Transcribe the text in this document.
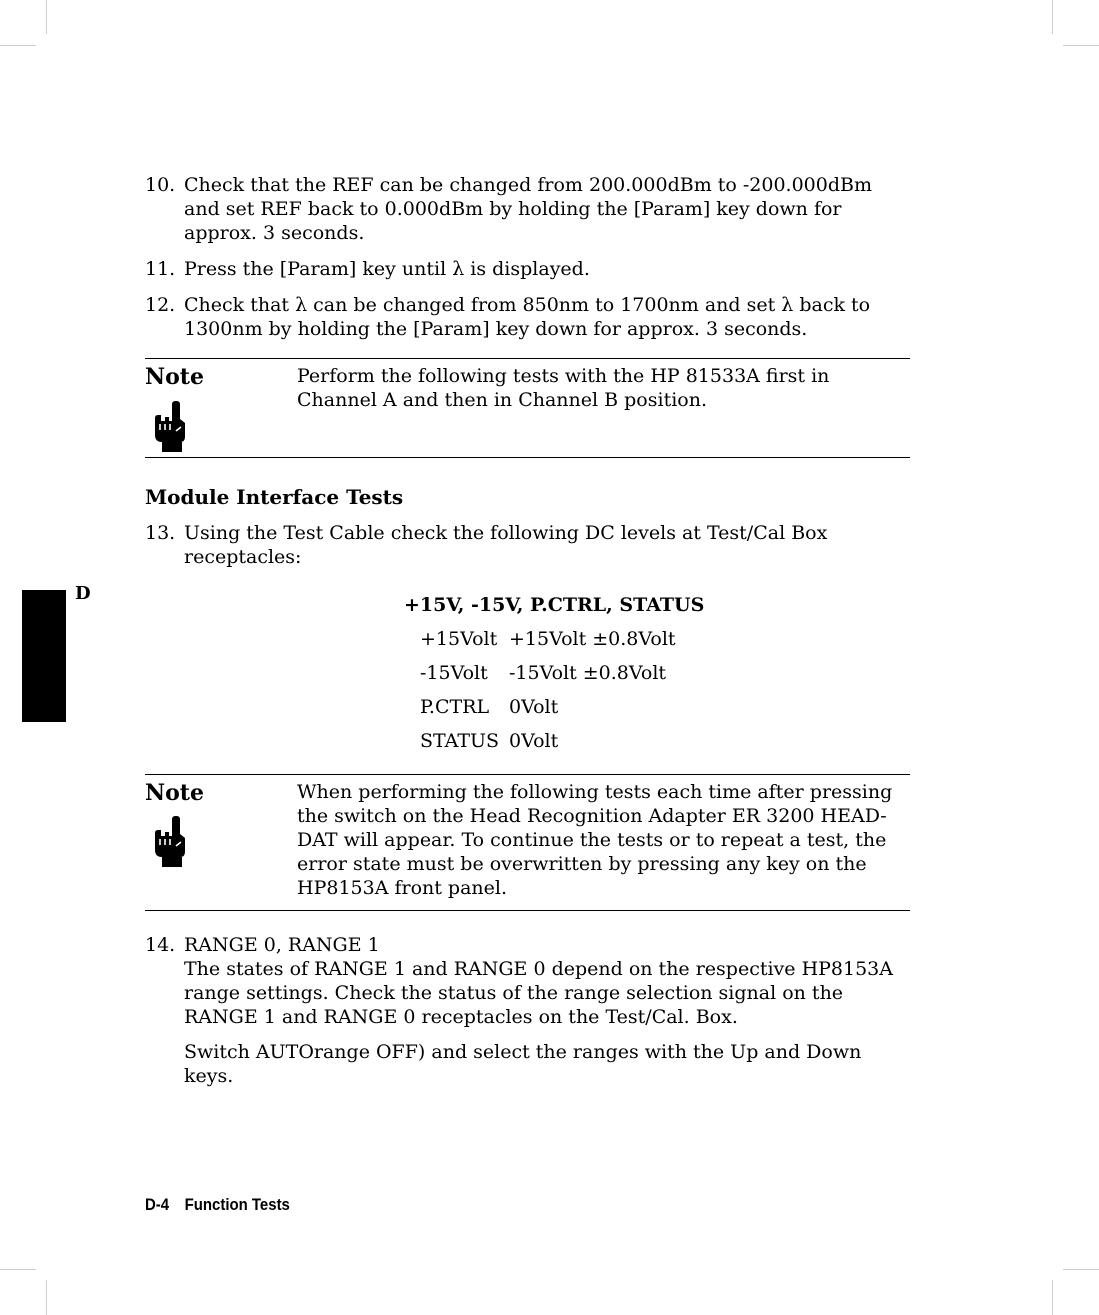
10. Check that the REF can be changed from 200.000dBm to -200.000dBm and set REF back to 0.000dBm by holding the [Param] key down for approx. 3 seconds.

11. Press the [Param] key until λ is displayed.

12. Check that λ can be changed from 850nm to 1700nm and set λ back to 1300nm by holding the [Param] key down for approx. 3 seconds.

Note	Perform the following tests with the HP 81533A first in Channel A and then in Channel B position.
Module Interface Tests
13. Using the Test Cable check the following DC levels at Test/Cal Box receptacles:

D
+15V, -15V, P.CTRL, STATUS
+15Volt	+15Volt ±0.8Volt
-15Volt	-15Volt ±0.8Volt
P.CTRL	0Volt
STATUS	0Volt
Note	When performing the following tests each time after pressing the switch on the Head Recognition Adapter ER 3200 HEAD-DAT will appear. To continue the tests or to repeat a test, the error state must be overwritten by pressing any key on the HP8153A front panel.
14. RANGE 0, RANGE 1

The states of RANGE 1 and RANGE 0 depend on the respective HP8153A range settings. Check the status of the range selection signal on the RANGE 1 and RANGE 0 receptacles on the Test/Cal. Box.

Switch AUTOrange OFF) and select the ranges with the Up and Down keys.

D-4 Function Tests
